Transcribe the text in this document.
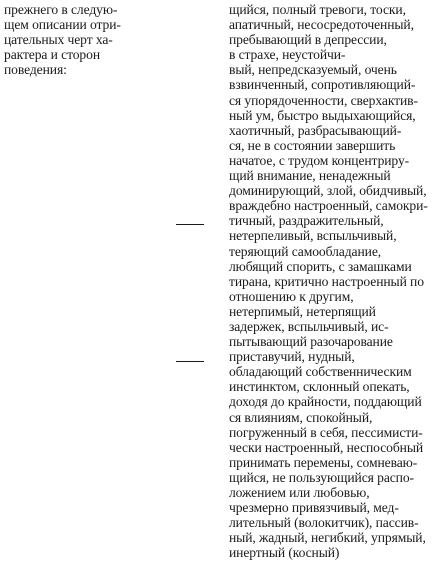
прежнего в следую-
щем описании отри-
цательных черт ха-
рактера и сторон
поведения:
щийся, полный тревоги, тоски,
апатичный, несосредоточенный,
пребывающий в депрессии,
в страхе, неустойчи-
вый, непредсказуемый, очень
взвинченный, сопротивляющий-
ся упорядоченности, сверхактив-
ный ум, быстро выдыхающийся,
хаотичный, разбрасывающий-
ся, не в состоянии завершить
начатое, с трудом концентриру-
щий внимание, ненадежный
доминирующий, злой, обидчивый,
враждебно настроенный, самокри-
тичный, раздражительный,
нетерпеливый, вспыльчивый,
теряющий самообладание,
любящий спорить, с замашками
тирана, критично настроенный по
отношению к другим,
нетерпимый, нетерпящий
задержек, вспыльчивый, ис-
пытывающий разочарование
приставучий, нудный,
обладающий собственническим
инстинктом, склонный опекать,
доходя до крайности, поддающий
ся влияниям, спокойный,
погруженный в себя, пессимисти-
чески настроенный, неспособный
принимать перемены, сомневаю-
щийся, не пользующийся распо-
ложением или любовью,
чрезмерно привязчивый, мед-
лительный (волокитчик), пассив-
ный, жадный, негибкий, упрямый,
инертный (косный)
